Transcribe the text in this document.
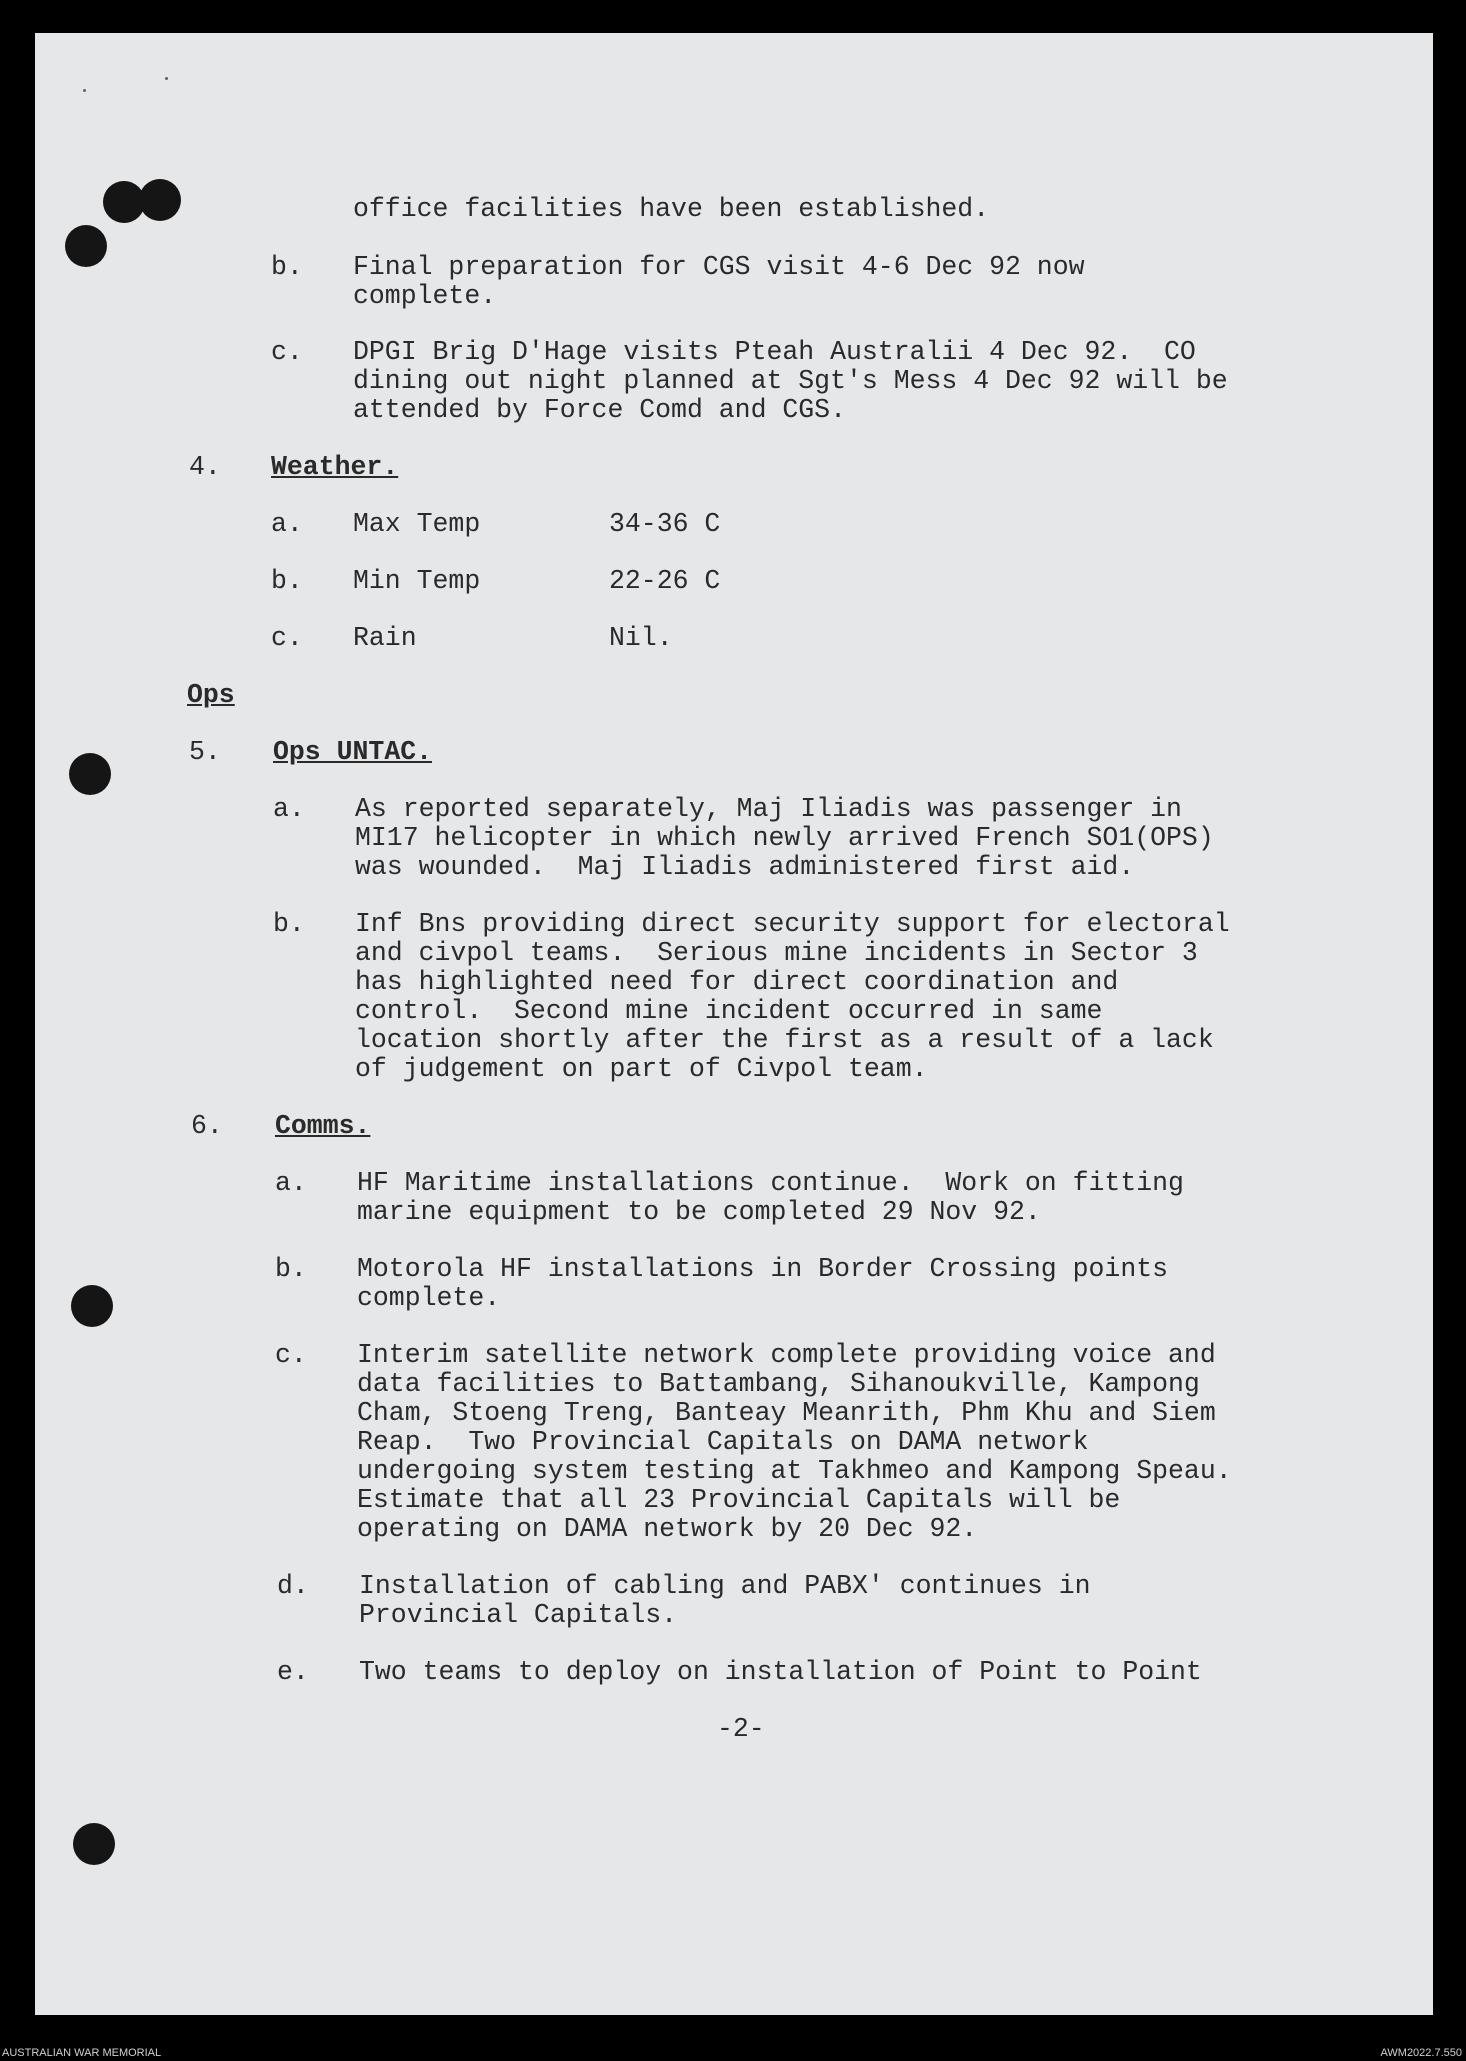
office facilities have been established.

b. Final preparation for CGS visit 4-6 Dec 92 now

complete.

c. DPGI Brig D'Hage visits Pteah Australii 4 Dec 92.  CO

dining out night planned at Sgt's Mess 4 Dec 92 will be

attended by Force Comd and CGS.

4. Weather.

a. Max Temp	34-36 C

b. Min Temp	22-26 C

c. Rain	Nil.

Ops

5. Ops UNTAC.

a. As reported separately, Maj Iliadis was passenger in

MI17 helicopter in which newly arrived French SO1(OPS)

was wounded.  Maj Iliadis administered first aid.

b. Inf Bns providing direct security support for electoral

and civpol teams.  Serious mine incidents in Sector 3

has highlighted need for direct coordination and

control.  Second mine incident occurred in same

location shortly after the first as a result of a lack

of judgement on part of Civpol team.

6. Comms.

a. HF Maritime installations continue.  Work on fitting

marine equipment to be completed 29 Nov 92.

b. Motorola HF installations in Border Crossing points

complete.

c. Interim satellite network complete providing voice and

data facilities to Battambang, Sihanoukville, Kampong

Cham, Stoeng Treng, Banteay Meanrith, Phm Khu and Siem

Reap.  Two Provincial Capitals on DAMA network

undergoing system testing at Takhmeo and Kampong Speau.

Estimate that all 23 Provincial Capitals will be

operating on DAMA network by 20 Dec 92.

d. Installation of cabling and PABX' continues in

Provincial Capitals.

e. Two teams to deploy on installation of Point to Point

-2-

AUSTRALIAN WAR MEMORIAL	AWM2022.7.550
